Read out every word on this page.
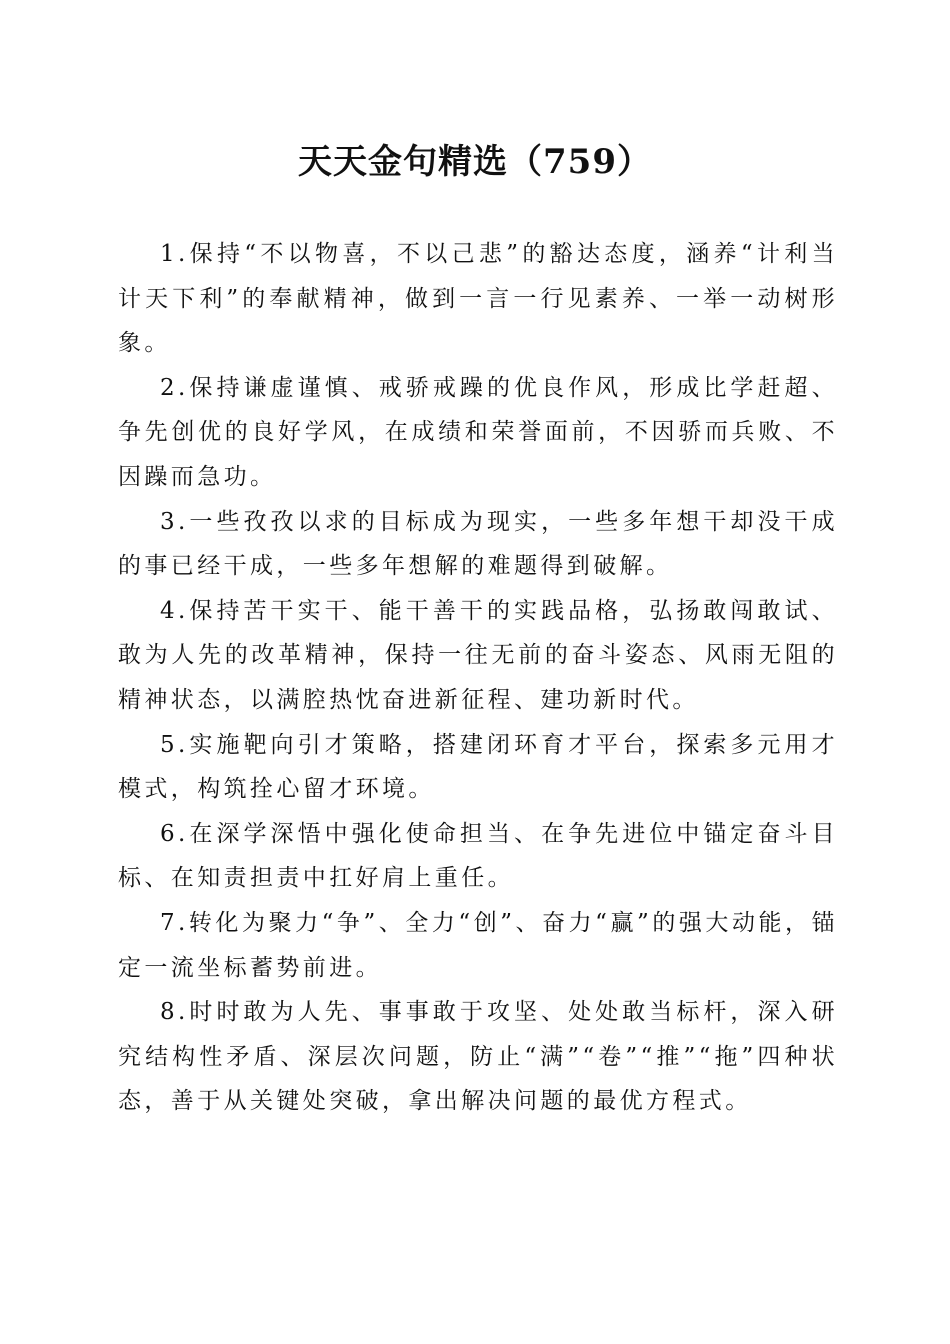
天天金句精选（759）

1.保持“不以物喜，不以己悲”的豁达态度，涵养“计利当计天下利”的奉献精神，做到一言一行见素养、一举一动树形象。

2.保持谦虚谨慎、戒骄戒躁的优良作风，形成比学赶超、争先创优的良好学风，在成绩和荣誉面前，不因骄而兵败、不因躁而急功。

3.一些孜孜以求的目标成为现实，一些多年想干却没干成的事已经干成，一些多年想解的难题得到破解。

4.保持苦干实干、能干善干的实践品格，弘扬敢闯敢试、敢为人先的改革精神，保持一往无前的奋斗姿态、风雨无阻的精神状态，以满腔热忱奋进新征程、建功新时代。

5.实施靶向引才策略，搭建闭环育才平台，探索多元用才模式，构筑拴心留才环境。

6.在深学深悟中强化使命担当、在争先进位中锚定奋斗目标、在知责担责中扛好肩上重任。

7.转化为聚力“争”、全力“创”、奋力“赢”的强大动能，锚定一流坐标蓄势前进。

8.时时敢为人先、事事敢于攻坚、处处敢当标杆，深入研究结构性矛盾、深层次问题，防止“满”“卷”“推”“拖”四种状态，善于从关键处突破，拿出解决问题的最优方程式。
